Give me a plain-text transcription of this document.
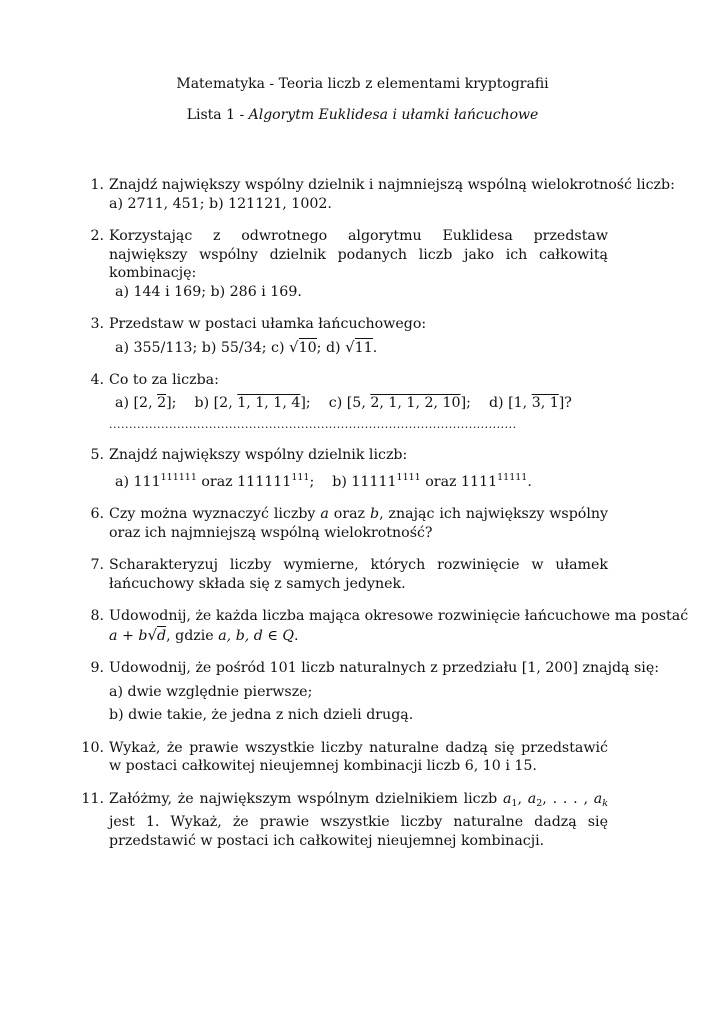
Matematyka - Teoria liczb z elementami kryptografii
Lista 1 - Algorytm Euklidesa i ułamki łańcuchowe
1. Znajdź największy wspólny dzielnik i najmniejszą wspólną wielokrotność liczb:
a) 2711, 451; b) 121121, 1002.
2. Korzystając z odwrotnego algorytmu Euklidesa przedstaw największy wspólny dzielnik podanych liczb jako ich całkowitą kombinację:
a) 144 i 169; b) 286 i 169.
3. Przedstaw w postaci ułamka łańcuchowego:
a) 355/113; b) 55/34; c) √10; d) √11.
4. Co to za liczba:
a) [2, 2]; b) [2, 1, 1, 1, 4]; c) [5, 2, 1, 1, 2, 10]; d) [1, 3, 1]?
......................................................................................................
5. Znajdź największy wspólny dzielnik liczb:
a) $111^{111111}$ oraz 111111$^{111}$; b) $11111^{1111}$ oraz $1111^{11111}$.
6. Czy można wyznaczyć liczby a oraz b, znając ich największy wspólny oraz ich najmniejszą wspólną wielokrotność?
7. Scharakteryzuj liczby wymierne, których rozwinięcie w ułamek łańcuchowy składa się z samych jedynek.
8. Udowodnij, że każda liczba mająca okresowe rozwinięcie łańcuchowe ma postać
a + b√d, gdzie a, b, d ∈ Q.
9. Udowodnij, że pośród 101 liczb naturalnych z przedziału [1, 200] znajdą się:
a) dwie względnie pierwsze;
b) dwie takie, że jedna z nich dzieli drugą.
10. Wykaż, że prawie wszystkie liczby naturalne dadzą się przedstawić w postaci całkowitej nieujemnej kombinacji liczb 6, 10 i 15.
11. Załóżmy, że największym wspólnym dzielnikiem liczb $a_1$, $a_2$, . . . , $a_k$ jest 1. Wykaż, że prawie wszystkie liczby naturalne dadzą się przedstawić w postaci ich całkowitej nieujemnej kombinacji.
